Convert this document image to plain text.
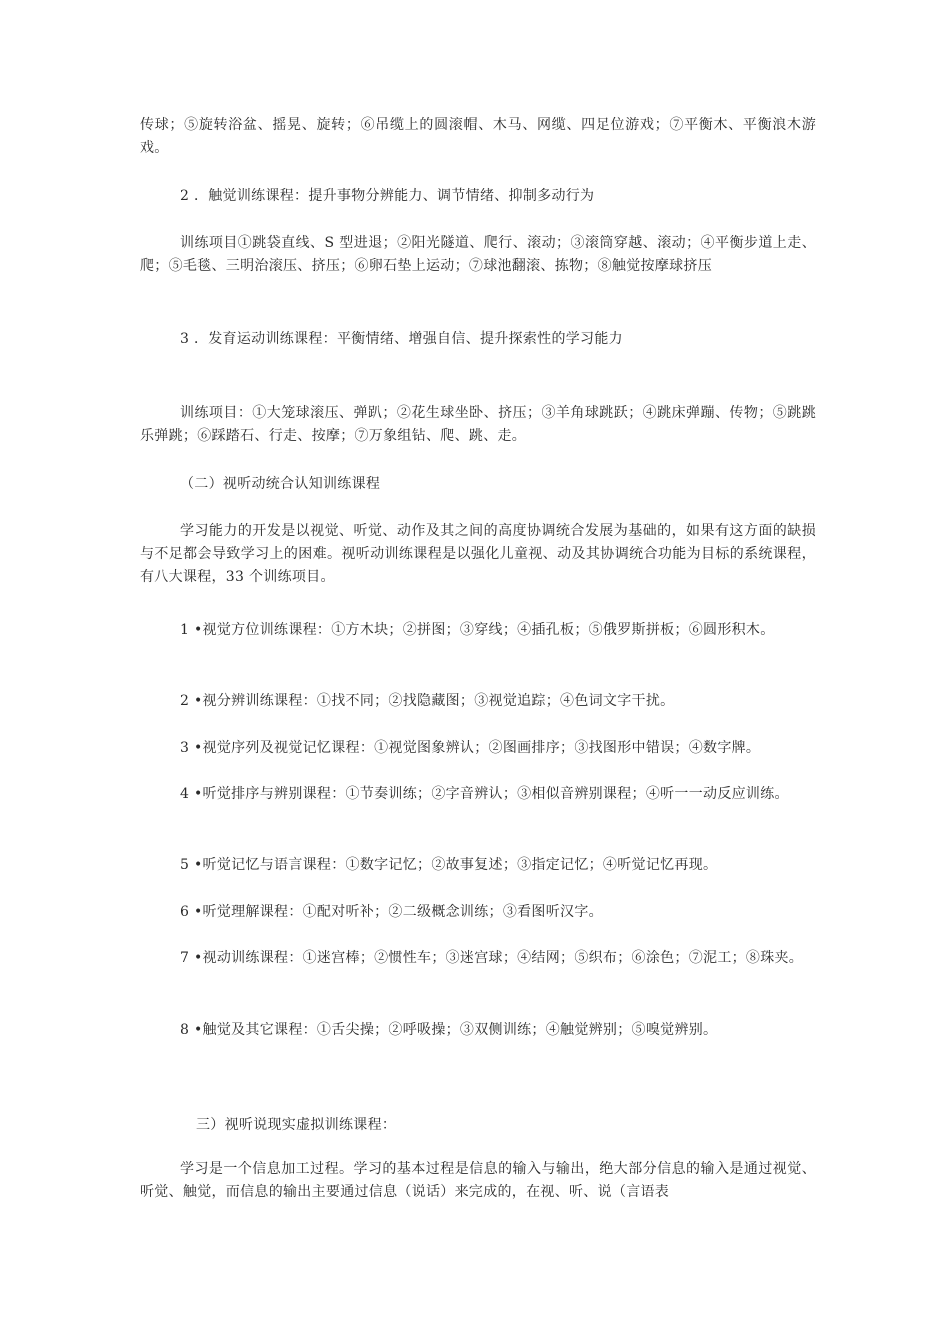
传球；⑤旋转浴盆、摇晃、旋转；⑥吊缆上的圆滚帽、木马、网缆、四足位游戏；⑦平衡木、平衡浪木游戏。

2 ．触觉训练课程：提升事物分辨能力、调节情绪、抑制多动行为

训练项目①跳袋直线、S 型进退；②阳光隧道、爬行、滚动；③滚筒穿越、滚动；④平衡步道上走、爬；⑤毛毯、三明治滚压、挤压；⑥卵石垫上运动；⑦球池翻滚、拣物；⑧触觉按摩球挤压

3 ．发育运动训练课程：平衡情绪、增强自信、提升探索性的学习能力

训练项目：①大笼球滚压、弹趴；②花生球坐卧、挤压；③羊角球跳跃；④跳床弹蹦、传物；⑤跳跳乐弹跳；⑥踩踏石、行走、按摩；⑦万象组钻、爬、跳、走。

（二）视听动统合认知训练课程

学习能力的开发是以视觉、听觉、动作及其之间的高度协调统合发展为基础的，如果有这方面的缺损与不足都会导致学习上的困难。视听动训练课程是以强化儿童视、动及其协调统合功能为目标的系统课程，有八大课程，33 个训练项目。

1 •视觉方位训练课程：①方木块；②拼图；③穿线；④插孔板；⑤俄罗斯拼板；⑥圆形积木。

2 •视分辨训练课程：①找不同；②找隐藏图；③视觉追踪；④色词文字干扰。

3 •视觉序列及视觉记忆课程：①视觉图象辨认；②图画排序；③找图形中错误；④数字牌。

4 •听觉排序与辨别课程：①节奏训练；②字音辨认；③相似音辨别课程；④听一一动反应训练。

5 •听觉记忆与语言课程：①数字记忆；②故事复述；③指定记忆；④听觉记忆再现。

6 •听觉理解课程：①配对听补；②二级概念训练；③看图听汉字。

7 •视动训练课程：①迷宫棒；②惯性车；③迷宫球；④结网；⑤织布；⑥涂色；⑦泥工；⑧珠夹。

8 •触觉及其它课程：①舌尖操；②呼吸操；③双侧训练；④触觉辨别；⑤嗅觉辨别。

三）视听说现实虚拟训练课程：

学习是一个信息加工过程。学习的基本过程是信息的输入与输出，绝大部分信息的输入是通过视觉、听觉、触觉，而信息的输出主要通过信息（说话）来完成的，在视、听、说（言语表
